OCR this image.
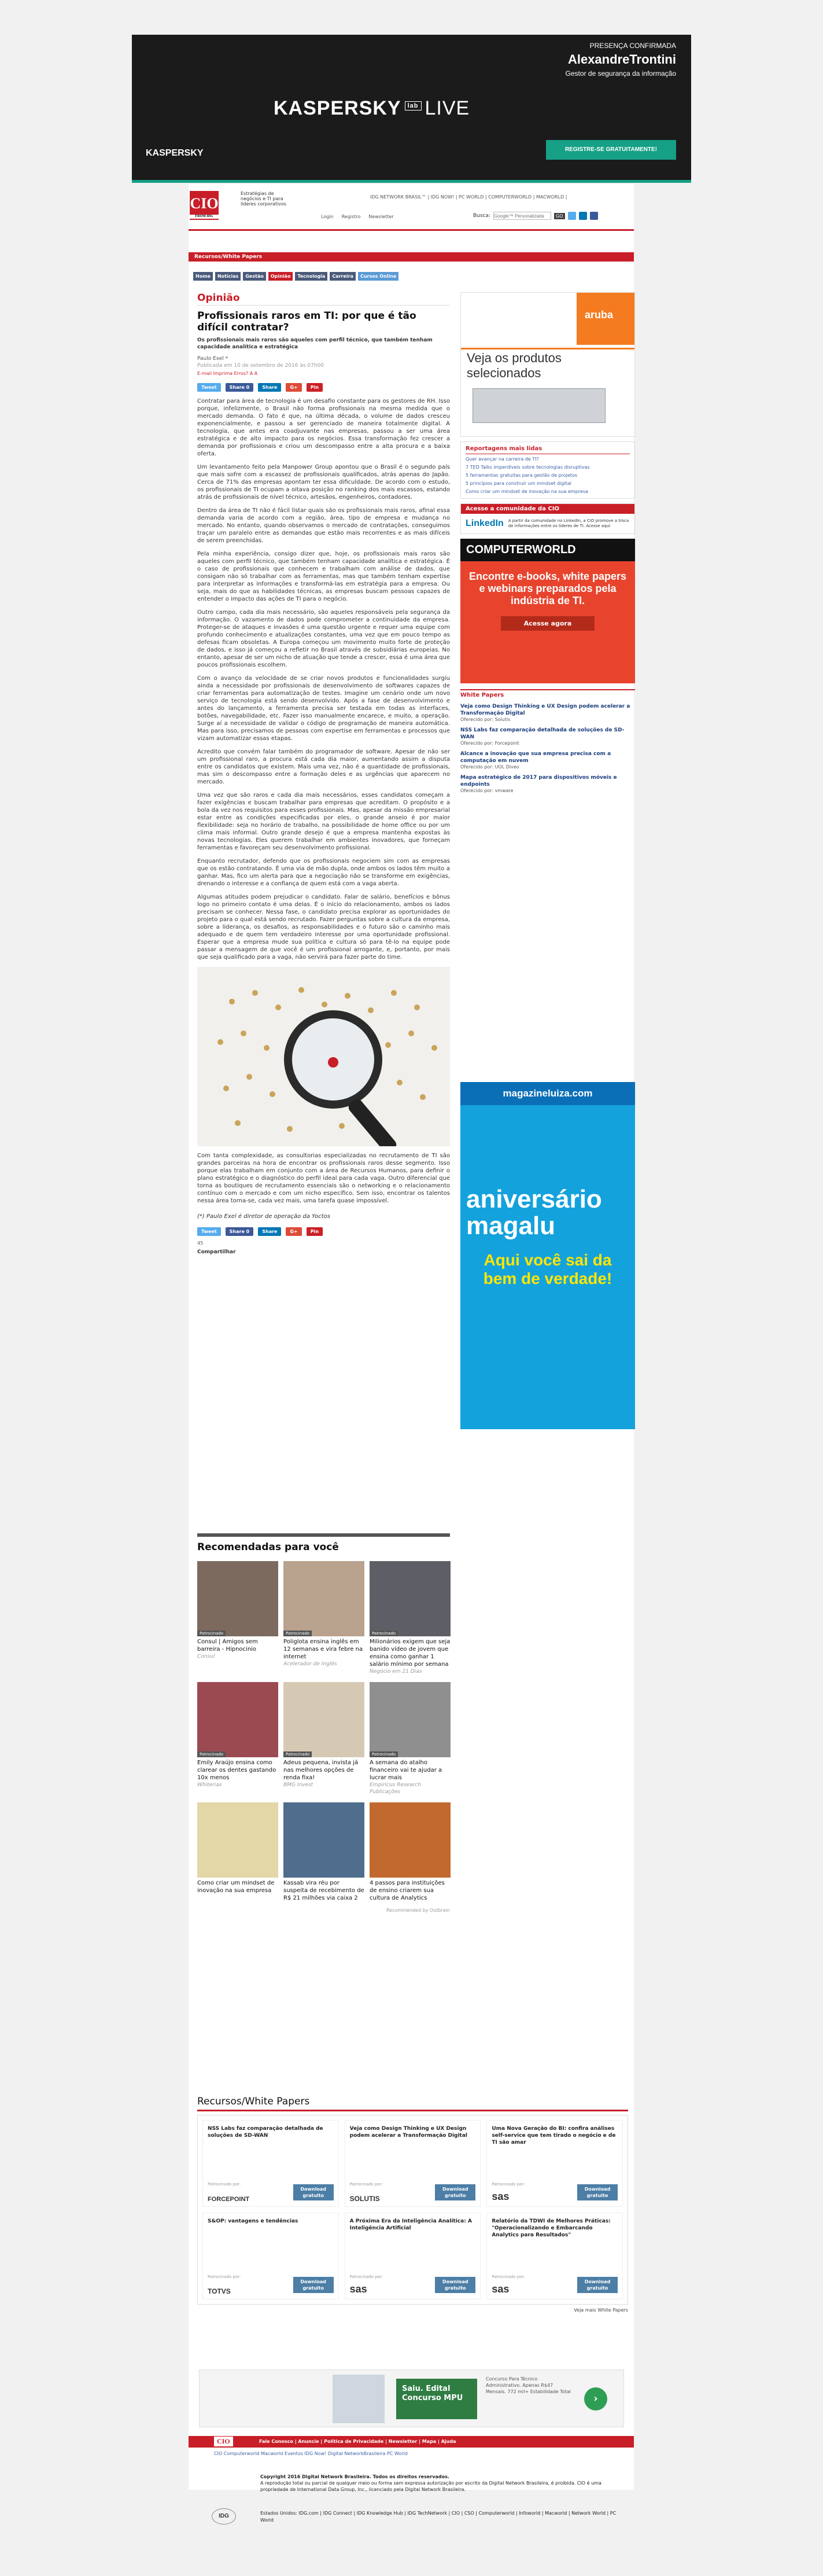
KASPERSKY $^{lab}$ LIVE
KASPERSKY
PRESENÇA CONFIRMADA
AlexandreTrontini
Gestor de segurança da informação
REGISTRE-SE GRATUITAMENTE!
CIO
FROM IDG
Estratégias de negócios e TI para líderes corporativos
IDG NETWORK BRASIL™ | IDG NOW! | PC WORLD | COMPUTERWORLD | MACWORLD |
Login Registro Newsletter	Busca:
Google™ Personalizada	GO
Recursos/White Papers
Home	Notícias	Gestão	Opinião	Tecnologia	Carreira	Cursos Online
Opinião
Profissionais raros em TI: por que é tão difícil contratar?
Os profissionais mais raros são aqueles com perfil técnico, que também tenham capacidade analítica e estratégica
Paulo Exel *
Publicada em 10 de setembro de 2016 às 07h00
E-mail Imprima Erros? A A
Tweet	Share 0	Share	G+	Pin

Contratar para área de tecnologia é um desafio constante para os gestores de RH. Isso porque, infelizmente, o Brasil não forma profissionais na mesma medida que o mercado demanda. O fato é que, na última década, o volume de dados cresceu exponencialmente, e passou a ser gerenciado de maneira totalmente digital. A tecnologia, que antes era coadjuvante nas empresas, passou a ser uma área estratégica e de alto impacto para os negócios. Essa transformação fez crescer a demanda por profissionais e criou um descompasso entre a alta procura e a baixa oferta.

Um levantamento feito pela Manpower Group apontou que o Brasil é o segundo país que mais sofre com a escassez de profissionais qualificados, atrás apenas do Japão. Cerca de 71% das empresas apontam ter essa dificuldade. De acordo com o estudo, os profissionais de TI ocupam a oitava posição no ranking dos mais escassos, estando atrás de profissionais de nível técnico, artesãos, engenheiros, contadores.

Dentro da área de TI não é fácil listar quais são os profissionais mais raros, afinal essa demanda varia de acordo com a região, área, tipo de empresa e mudança no mercado. No entanto, quando observamos o mercado de contratações, conseguimos traçar um paralelo entre as demandas que estão mais recorrentes e as mais difíceis de serem preenchidas.

Pela minha experiência, consigo dizer que, hoje, os profissionais mais raros são aqueles com perfil técnico, que também tenham capacidade analítica e estratégica. É o caso de profissionais que conhecem e trabalham com análise de dados, que consigam não só trabalhar com as ferramentas, mas que também tenham expertise para interpretar as informações e transformá-las em estratégia para a empresa. Ou seja, mais do que as habilidades técnicas, as empresas buscam pessoas capazes de entender o impacto das ações de TI para o negócio.

Outro campo, cada dia mais necessário, são aqueles responsáveis pela segurança da informação. O vazamento de dados pode comprometer a continuidade da empresa. Proteger-se de ataques e invasões é uma questão urgente e requer uma equipe com profundo conhecimento e atualizações constantes, uma vez que em pouco tempo as defesas ficam obsoletas. A Europa começou um movimento muito forte de proteção de dados, e isso já começou a refletir no Brasil através de subsidiárias europeias. No entanto, apesar de ser um nicho de atuação que tende a crescer, essa é uma área que poucos profissionais escolhem.

Com o avanço da velocidade de se criar novos produtos e funcionalidades surgiu ainda a necessidade por profissionais de desenvolvimento de softwares capazes de criar ferramentas para automatização de testes. Imagine um cenário onde um novo serviço de tecnologia está sendo desenvolvido. Após a fase de desenvolvimento e antes do lançamento, a ferramenta precisa ser testada em todas as interfaces, botões, navegabilidade, etc. Fazer isso manualmente encarece, e muito, a operação. Surge aí a necessidade de validar o código de programação de maneira automática. Mas para isso, precisamos de pessoas com expertise em ferramentas e processos que vizam automatizar essas etapas.

Acredito que convém falar também do programador de software. Apesar de não ser um profissional raro, a procura está cada dia maior, aumentando assim a disputa entre os candidatos que existem. Mais uma vez, não é a quantidade de profissionais, mas sim o descompasso entre a formação deles e as urgências que aparecem no mercado.

Uma vez que são raros e cada dia mais necessários, esses candidatos começam a fazer exigências e buscam trabalhar para empresas que acreditam. O propósito e a bola da vez nos requisitos para esses profissionais. Mas, apesar da missão empresarial estar entre as condições especificadas por eles, o grande anseio é por maior flexibilidade: seja no horário de trabalho, na possibilidade de home office ou por um clima mais informal. Outro grande desejo é que a empresa mantenha expostas às novas tecnologias. Eles querem trabalhar em ambientes inovadores, que forneçam ferramentas e favoreçam seu desenvolvimento profissional.

Enquanto recrutador, defendo que os profissionais negociem sim com as empresas que os estão contratando. É uma via de mão dupla, onde ambos os lados têm muito a ganhar. Mas, fico um alerta para que a negociação não se transforme em exigências, drenando o interesse e a confiança de quem está com a vaga aberta.

Algumas atitudes podem prejudicar o candidato. Falar de salário, benefícios e bônus logo no primeiro contato é uma delas. É o início do relacionamento, ambos os lados precisam se conhecer. Nessa fase, o candidato precisa explorar as oportunidades do projeto para o qual está sendo recrutado. Fazer perguntas sobre a cultura da empresa, sobre a liderança, os desafios, as responsabilidades e o futuro são o caminho mais adequado e de quem tem verdadeiro interesse por uma oportunidade profissional. Esperar que a empresa mude sua política e cultura só para tê-lo na equipe pode passar a mensagem de que você é um profissional arrogante, e, portanto, por mais que seja qualificado para a vaga, não servirá para fazer parte do time.

Com tanta complexidade, as consultorias especializadas no recrutamento de TI são grandes parceiras na hora de encontrar os profissionais raros desse segmento. Isso porque elas trabalham em conjunto com a área de Recursos Humanos, para definir o plano estratégico e o diagnóstico do perfil ideal para cada vaga. Outro diferencial que torna as boutiques de recrutamento essenciais são o networking e o relacionamento contínuo com o mercado e com um nicho específico. Sem isso, encontrar os talentos nessa área torna-se, cada vez mais, uma tarefa quase impossível.

(*) Paulo Exel é diretor de operação da Yoctos

Tweet	Share 0	Share	G+	Pin
45
Compartilhar
Recomendadas para você
Patrocinado
Consul | Amigos sem barreira - Hipnocinio
Consul
Patrocinado
Poliglota ensina inglês em 12 semanas e vira febre na internet
Acelerador de Inglês
Patrocinado
Milionários exigem que seja banido vídeo de jovem que ensina como ganhar 1 salário mínimo por semana
Negócio em 21 Dias
Patrocinado
Emily Araújo ensina como clarear os dentes gastando 10x menos
Whiterias
Patrocinado
Adeus pequena, invista já nas melhores opções de renda fixa!
BMG Invest
Patrocinado
A semana do atalho financeiro vai te ajudar a lucrar mais
Empiricus Research Publicações
Como criar um mindset de inovação na sua empresa
Kassab vira réu por suspeita de recebimento de R$ 21 milhões via caixa 2
4 passos para instituições de ensino criarem sua cultura de Analytics
Recommended by Outbrain
Recursos/White Papers
NSS Labs faz comparação detalhada de soluções de SD-WAN
Patrocinado por:
FORCEPOINT
Download gratuito
Veja como Design Thinking e UX Design podem acelerar a Transformação Digital
Patrocinado por:
SOLUTIS
Download gratuito
Uma Nova Geração do BI: confira análises self-service que tem tirado o negócio e de TI são amar
Patrocinado por:
sas
Download gratuito
S&OP: vantagens e tendências
Patrocinado por:
TOTVS
Download gratuito
A Próxima Era da Inteligência Analítica: A Inteligência Artificial
Patrocinado por:
sas
Download gratuito
Relatório da TDWI de Melhores Práticas: "Operacionalizando e Embarcando Analytics para Resultados"
Patrocinado por:
sas
Download gratuito
Veja mais White Papers
Saiu. Edital Concurso MPU
Concurso Para Técnico Administrativo. Apenas R$47 Mensais. 772 mil+ Estabilidade Total
›
CIO	Fale Conosco | Anuncie | Política de Privacidade | Newsletter | Mapa | Ajuda
CIO Computerworld Macworld Eventos IDG Now! Digital NetworkBrasileira PC World
Copyright 2016 Digital Network Brasileira. Todos os direitos reservados.
A reprodução total ou parcial de qualquer meio ou forma sem expressa autorização por escrito da Digital Network Brasileira, é proibida. CIO é uma propriedade de International Data Group, Inc., licenciado pela Digital Network Brasileira.
IDG	Estados Unidos: IDG.com | IDG Connect | IDG Knowledge Hub | IDG TechNetwork | CIO | CSO | Computerworld | Infoworld | Macworld | Network World | PC World
aruba
Veja os produtos selecionados
Reportagens mais lidas
Quer avançar na carreira de TI?
7 TED Talks imperdíveis sobre tecnologias disruptivas
5 ferramentas gratuitas para gestão de projetos
5 princípios para construir um mindset digital
Como criar um mindset de inovação na sua empresa
Acesse a comunidade da CIO
LinkedIn A partir da comunidade no LinkedIn, a CIO promove a troca de informações entre os líderes de TI. Acesse aqui
COMPUTERWORLD
Encontre e-books, white papers e webinars preparados pela indústria de TI.
Acesse agora
White Papers
Veja como Design Thinking e UX Design podem acelerar a Transformação Digital
Oferecido por: Solutis
NSS Labs faz comparação detalhada de soluções de SD-WAN
Oferecido por: Forcepoint
Alcance a inovação que sua empresa precisa com a computação em nuvem
Oferecido por: UOL Diveo
Mapa estratégico de 2017 para dispositivos móveis e endpoints
Oferecido por: vmware
magazineluiza.com
aniversário magalu
Aqui você sai da bem de verdade!
